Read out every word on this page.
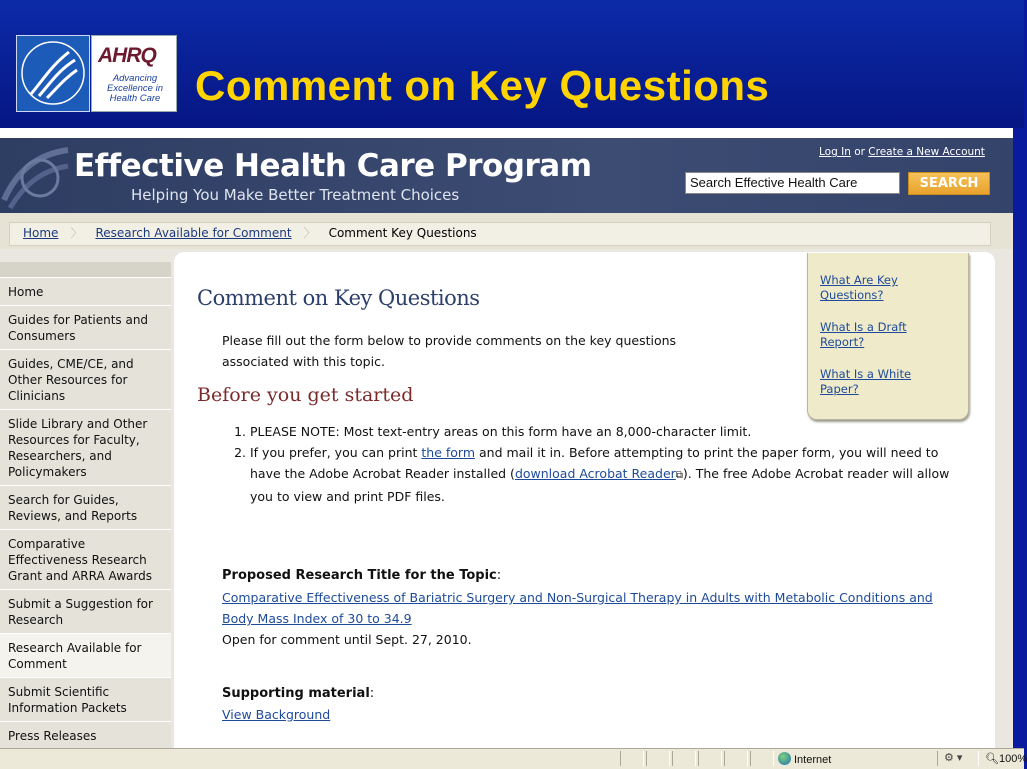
AHRQ
Advancing
Excellence in
Health Care Comment on Key Questions
Effective Health Care Program
Helping You Make Better Treatment Choices
Log In or Create a New Account
Search Effective Health Care	SEARCH
Home 〉 Research Available for Comment 〉 Comment Key Questions
Home
Guides for Patients and Consumers
Guides, CME/CE, and Other Resources for Clinicians
Slide Library and Other Resources for Faculty, Researchers, and Policymakers
Search for Guides, Reviews, and Reports
Comparative Effectiveness Research Grant and ARRA Awards
Submit a Suggestion for Research
Research Available for Comment
Submit Scientific Information Packets
Press Releases
Comment on Key Questions
Please fill out the form below to provide comments on the key questions associated with this topic.
Before you get started
1. PLEASE NOTE: Most text-entry areas on this form have an 8,000-character limit.
2. If you prefer, you can print the form and mail it in. Before attempting to print the paper form, you will need to have the Adobe Acrobat Reader installed (download Acrobat Reader⧉). The free Adobe Acrobat reader will allow you to view and print PDF files.
Proposed Research Title for the Topic:
Comparative Effectiveness of Bariatric Surgery and Non-Surgical Therapy in Adults with Metabolic Conditions and Body Mass Index of 30 to 34.9
Open for comment until Sept. 27, 2010.
Supporting material:
View Background
What Are Key Questions?
What Is a Draft Report?
What Is a White Paper?
Internet	⚙ ▾ 🔍︎100%
